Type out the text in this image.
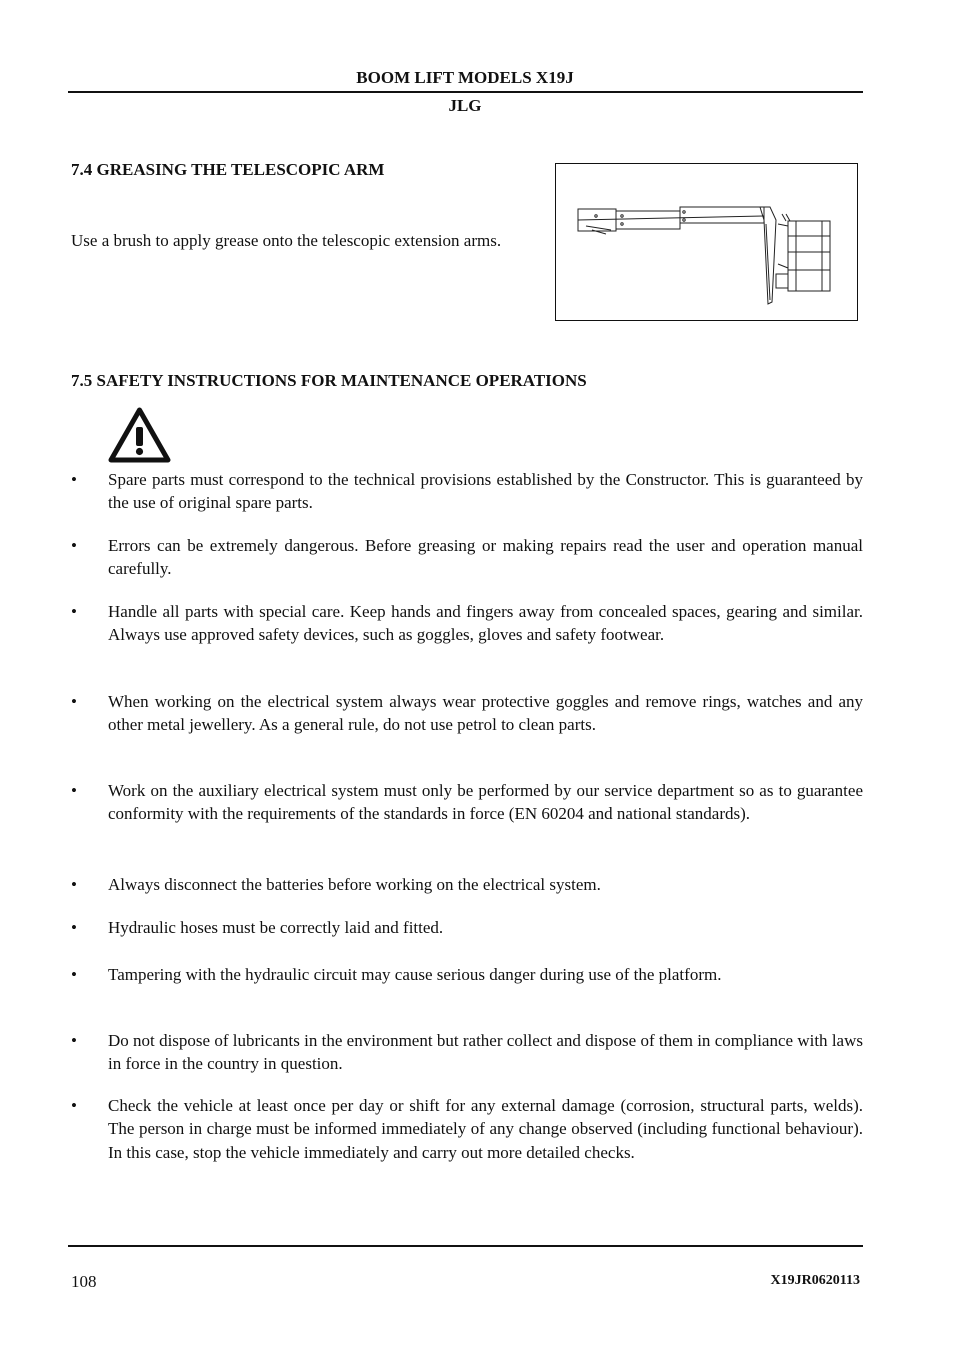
BOOM LIFT MODELS X19J
JLG
7.4 GREASING THE TELESCOPIC ARM
Use a brush to apply grease onto the telescopic extension arms.
7.5 SAFETY INSTRUCTIONS FOR MAINTENANCE OPERATIONS
•	Spare parts must correspond to the technical provisions established by the Constructor. This is guaranteed by the use of original spare parts.
•	Errors can be extremely dangerous. Before greasing or making repairs read the user and operation manual carefully.
•	Handle all parts with special care. Keep hands and fingers away from concealed spaces, gearing and similar. Always use approved safety devices, such as goggles, gloves and safety footwear.
•	When working on the electrical system always wear protective goggles and remove rings, watches and any other metal jewellery. As a general rule, do not use petrol to clean parts.
•	Work on the auxiliary electrical system must only be performed by our service department so as to guarantee conformity with the requirements of the standards in force (EN 60204 and national standards).
•	Always disconnect the batteries before working on the electrical system.
•	Hydraulic hoses must be correctly laid and fitted.
•	Tampering with the hydraulic circuit may cause serious danger during use of the platform.
•	Do not dispose of lubricants in the environment but rather collect and dispose of them in compliance with laws in force in the country in question.
•	Check the vehicle at least once per day or shift for any external damage (corrosion, structural parts, welds). The person in charge must be informed immediately of any change observed (including functional behaviour). In this case, stop the vehicle immediately and carry out more detailed checks.
108	X19JR0620113
